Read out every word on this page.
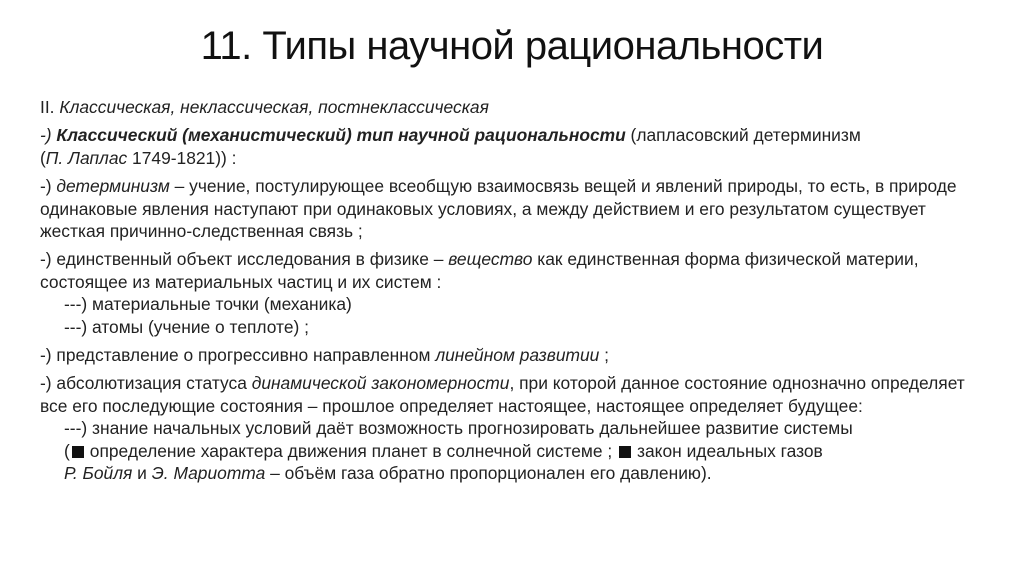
11. Типы научной рациональности

II. Классическая, неклассическая, постнеклассическая

-) Классический (механистический) тип научной рациональности (лапласовский детерминизм
(П. Лаплас 1749-1821)) :

-) детерминизм – учение, постулирующее всеобщую взаимосвязь вещей и явлений природы, то есть, в природе одинаковые явления наступают при одинаковых условиях, а между действием и его результатом существует жесткая причинно-следственная связь ;

-) единственный объект исследования в физике – вещество как единственная форма физической материи, состоящее из материальных частиц и их систем :
---) материальные точки (механика)
---) атомы (учение о теплоте) ;

-) представление о прогрессивно направленном линейном развитии ;

-) абсолютизация статуса динамической закономерности, при которой данное состояние однозначно определяет все его последующие состояния – прошлое определяет настоящее, настоящее определяет будущее:
---) знание начальных условий даёт возможность прогнозировать дальнейшее развитие системы
( определение характера движения планет в солнечной системе ; закон идеальных газов
Р. Бойля и Э. Мариотта – объём газа обратно пропорционален его давлению).
